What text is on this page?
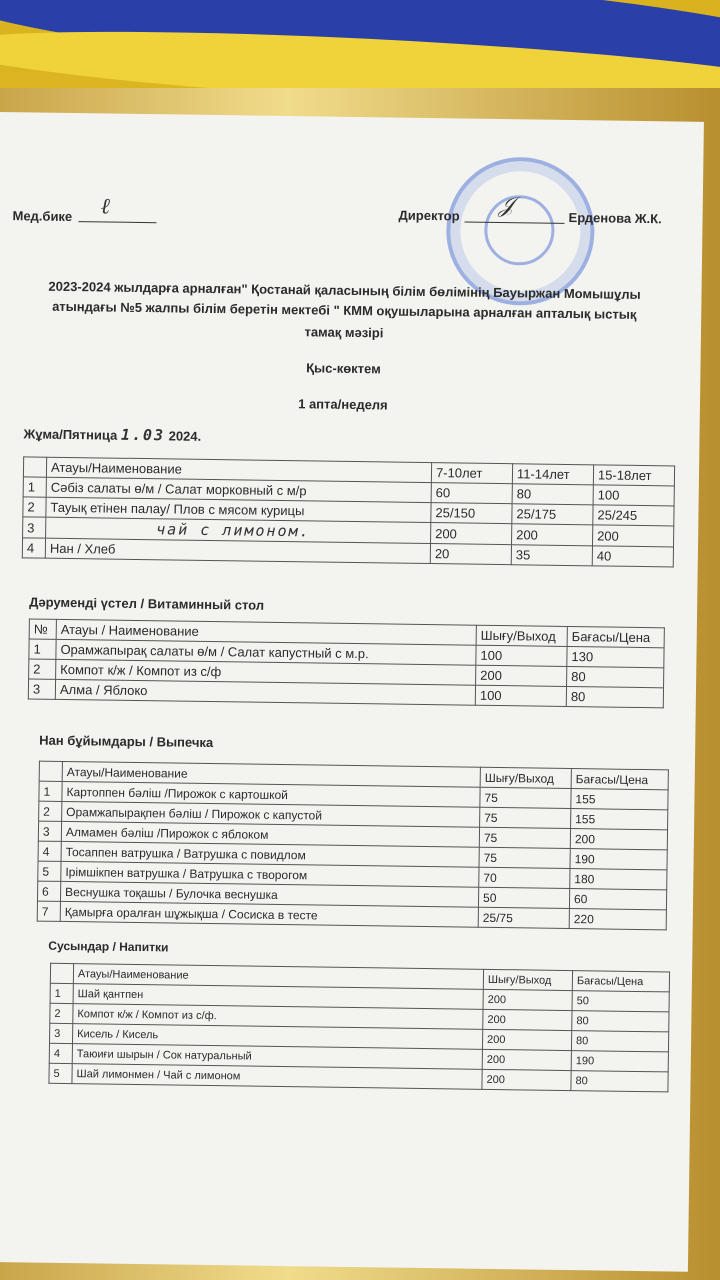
Мед.бике ℓ	Директор 𝒥	Ерденова Ж.К.
2023-2024 жылдарға арналған" Қостанай қаласының білім бөлімінің Бауыржан Момышұлы
атындағы №5 жалпы білім беретін мектебі " КММ оқушыларына арналған апталық ыстық
тамақ мәзірі
Қыс-көктем
1 апта/неделя
Жұма/Пятница 1.03 2024.
	Атауы/Наименование	7-10лет	11-14лет	15-18лет
1	Сәбіз салаты ө/м / Салат морковный с м/р	60	80	100
2	Тауық етінен палау/ Плов с мясом курицы	25/150	25/175	25/245
3	чай с лимоном.	200	200	200
4	Нан / Хлеб	20	35	40
Дәрумендi үстел / Витаминный стол
№	Атауы / Наименование	Шығу/Выход	Бағасы/Цена
1	Орамжапырақ салаты ө/м / Салат капустный с м.р.	100	130
2	Компот к/ж / Компот из с/ф	200	80
3	Алма / Яблоко	100	80
Нан бұйымдары / Выпечка
	Атауы/Наименование	Шығу/Выход	Бағасы/Цена
1	Картоппен бәліш /Пирожок с картошкой	75	155
2	Орамжапырақпен бәліш / Пирожок с капустой	75	155
3	Алмамен бәліш /Пирожок с яблоком	75	200
4	Тосаппен ватрушка / Ватрушка с повидлом	75	190
5	Ірімшікпен ватрушка / Ватрушка с творогом	70	180
6	Веснушка тоқашы / Булочка веснушка	50	60
7	Қамырға оралған шұжықша / Сосиска в тесте	25/75	220
Сусындар / Напитки
	Атауы/Наименование	Шығу/Выход	Бағасы/Цена
1	Шай қантпен	200	50
2	Компот к/ж / Компот из с/ф.	200	80
3	Кисель / Кисель	200	80
4	Таюиғи шырын / Сок натуральный	200	190
5	Шай лимонмен / Чай с лимоном	200	80
